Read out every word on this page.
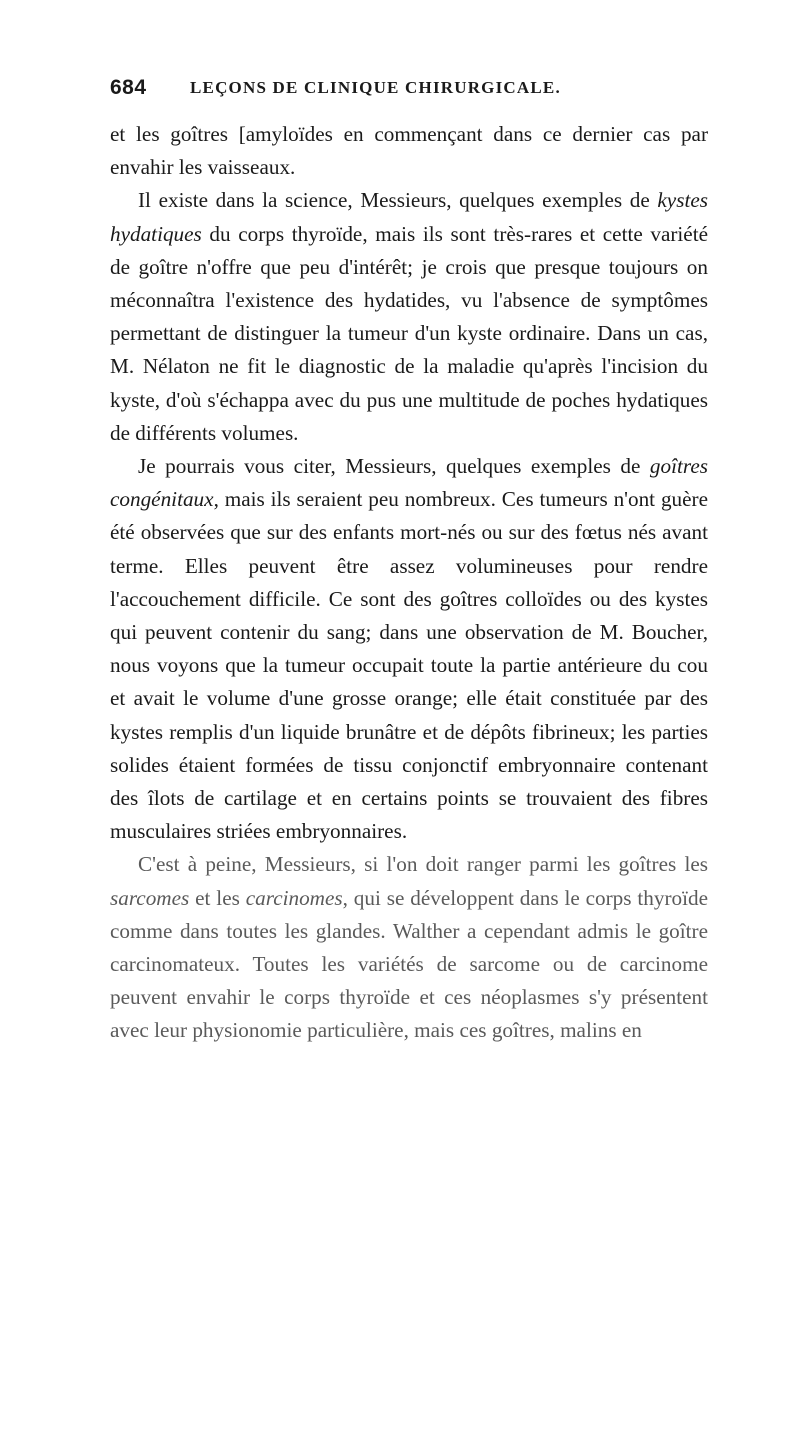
684	LEÇONS DE CLINIQUE CHIRURGICALE.

et les goîtres [amyloïdes en commençant dans ce dernier cas par envahir les vaisseaux.

Il existe dans la science, Messieurs, quelques exemples de kystes hydatiques du corps thyroïde, mais ils sont très-rares et cette variété de goître n'offre que peu d'intérêt; je crois que presque toujours on méconnaîtra l'existence des hydatides, vu l'absence de symptômes permettant de distinguer la tumeur d'un kyste ordinaire. Dans un cas, M. Nélaton ne fit le diagnostic de la maladie qu'après l'incision du kyste, d'où s'échappa avec du pus une multitude de poches hydatiques de différents volumes.

Je pourrais vous citer, Messieurs, quelques exemples de goîtres congénitaux, mais ils seraient peu nombreux. Ces tumeurs n'ont guère été observées que sur des enfants mort-nés ou sur des fœtus nés avant terme. Elles peuvent être assez volumineuses pour rendre l'accouchement difficile. Ce sont des goîtres colloïdes ou des kystes qui peuvent contenir du sang; dans une observation de M. Boucher, nous voyons que la tumeur occupait toute la partie antérieure du cou et avait le volume d'une grosse orange; elle était constituée par des kystes remplis d'un liquide brunâtre et de dépôts fibrineux; les parties solides étaient formées de tissu conjonctif embryonnaire contenant des îlots de cartilage et en certains points se trouvaient des fibres musculaires striées embryonnaires.

C'est à peine, Messieurs, si l'on doit ranger parmi les goîtres les sarcomes et les carcinomes, qui se développent dans le corps thyroïde comme dans toutes les glandes. Walther a cependant admis le goître carcinomateux. Toutes les variétés de sarcome ou de carcinome peuvent envahir le corps thyroïde et ces néoplasmes s'y présentent avec leur physionomie particulière, mais ces goîtres, malins en
